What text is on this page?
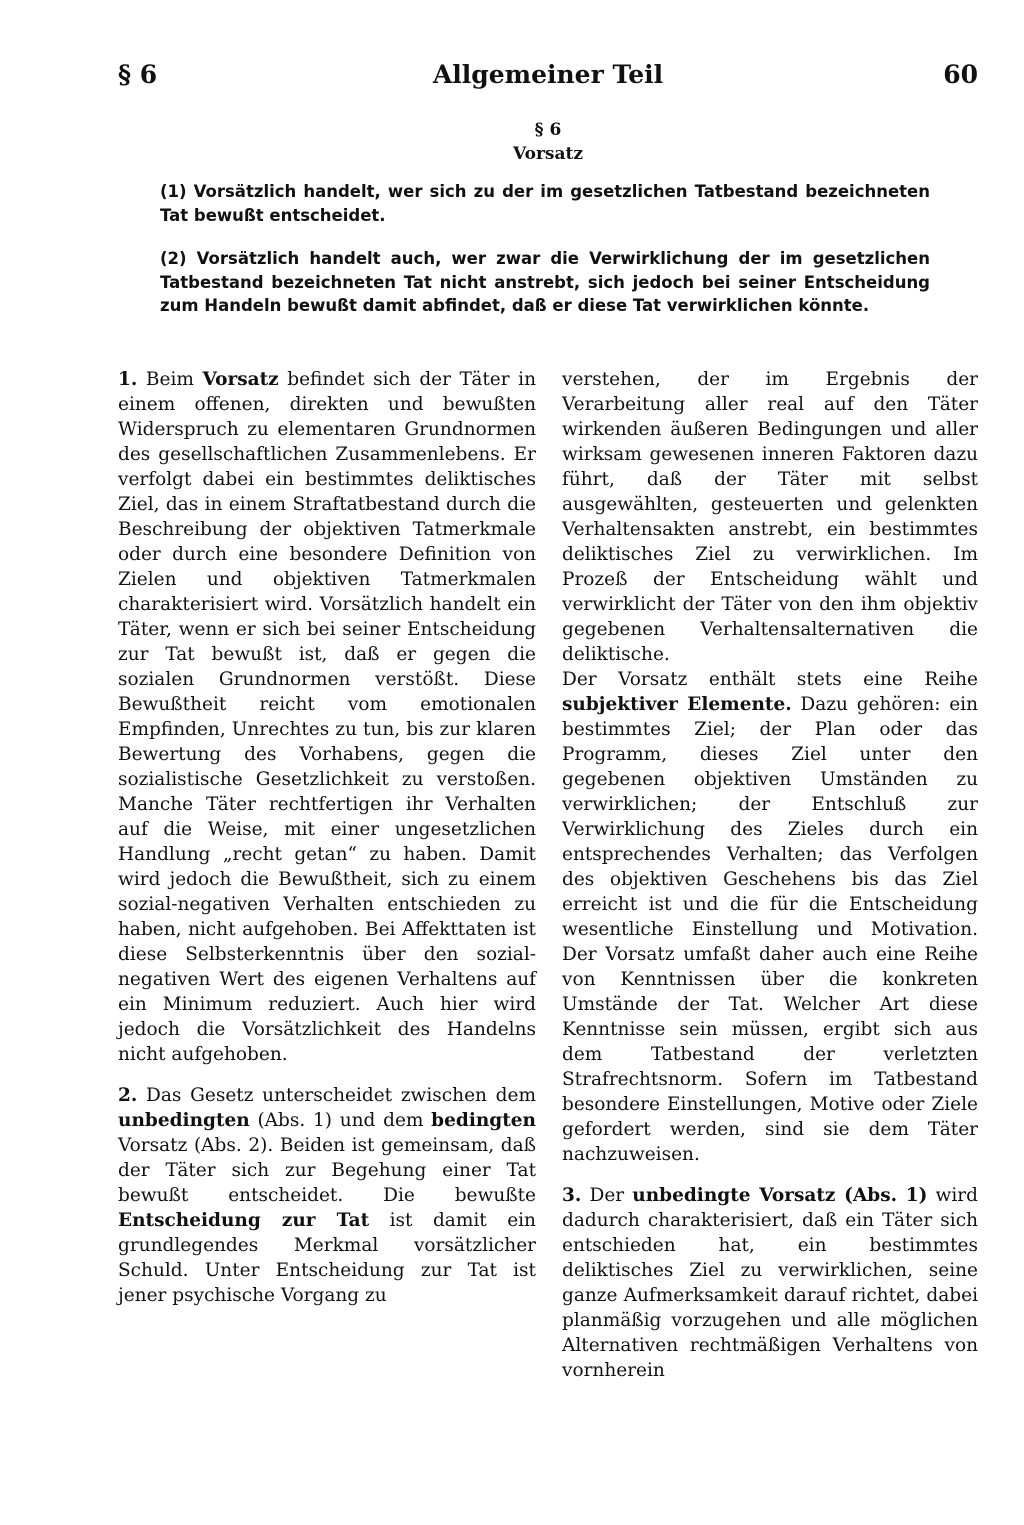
§ 6	Allgemeiner Teil	60
§ 6
Vorsatz

(1) Vorsätzlich handelt, wer sich zu der im gesetzlichen Tatbestand bezeichneten Tat bewußt entscheidet.

(2) Vorsätzlich handelt auch, wer zwar die Verwirklichung der im gesetzlichen Tatbestand bezeichneten Tat nicht anstrebt, sich jedoch bei seiner Entscheidung zum Handeln bewußt damit abfindet, daß er diese Tat verwirklichen könnte.

1. Beim Vorsatz befindet sich der Täter in einem offenen, direkten und bewußten Widerspruch zu elementaren Grundnormen des gesellschaftlichen Zusammenlebens. Er verfolgt dabei ein bestimmtes deliktisches Ziel, das in einem Straftatbestand durch die Beschreibung der objektiven Tatmerkmale oder durch eine besondere Definition von Zielen und objektiven Tatmerkmalen charakterisiert wird. Vorsätzlich handelt ein Täter, wenn er sich bei seiner Entscheidung zur Tat bewußt ist, daß er gegen die sozialen Grundnormen verstößt. Diese Bewußtheit reicht vom emotionalen Empfinden, Unrechtes zu tun, bis zur klaren Bewertung des Vorhabens, gegen die sozialistische Gesetzlichkeit zu verstoßen. Manche Täter rechtfertigen ihr Verhalten auf die Weise, mit einer ungesetzlichen Handlung „recht getan“ zu haben. Damit wird jedoch die Bewußtheit, sich zu einem sozial-negativen Verhalten entschieden zu haben, nicht aufgehoben. Bei Affekttaten ist diese Selbsterkenntnis über den sozial-negativen Wert des eigenen Verhaltens auf ein Minimum reduziert. Auch hier wird jedoch die Vorsätzlichkeit des Handelns nicht aufgehoben.

2. Das Gesetz unterscheidet zwischen dem unbedingten (Abs. 1) und dem bedingten Vorsatz (Abs. 2). Beiden ist gemeinsam, daß der Täter sich zur Begehung einer Tat bewußt entscheidet. Die bewußte Entscheidung zur Tat ist damit ein grundlegendes Merkmal vorsätzlicher Schuld. Unter Entscheidung zur Tat ist jener psychische Vorgang zu

verstehen, der im Ergebnis der Verarbeitung aller real auf den Täter wirkenden äußeren Bedingungen und aller wirksam gewesenen inneren Faktoren dazu führt, daß der Täter mit selbst ausgewählten, gesteuerten und gelenkten Verhaltensakten anstrebt, ein bestimmtes deliktisches Ziel zu verwirklichen. Im Prozeß der Entscheidung wählt und verwirklicht der Täter von den ihm objektiv gegebenen Verhaltensalternativen die deliktische.

Der Vorsatz enthält stets eine Reihe subjektiver Elemente. Dazu gehören: ein bestimmtes Ziel; der Plan oder das Programm, dieses Ziel unter den gegebenen objektiven Umständen zu verwirklichen; der Entschluß zur Verwirklichung des Zieles durch ein entsprechendes Verhalten; das Verfolgen des objektiven Geschehens bis das Ziel erreicht ist und die für die Entscheidung wesentliche Einstellung und Motivation. Der Vorsatz umfaßt daher auch eine Reihe von Kenntnissen über die konkreten Umstände der Tat. Welcher Art diese Kenntnisse sein müssen, ergibt sich aus dem Tatbestand der verletzten Strafrechtsnorm. Sofern im Tatbestand besondere Einstellungen, Motive oder Ziele gefordert werden, sind sie dem Täter nachzuweisen.

3. Der unbedingte Vorsatz (Abs. 1) wird dadurch charakterisiert, daß ein Täter sich entschieden hat, ein bestimmtes deliktisches Ziel zu verwirklichen, seine ganze Aufmerksamkeit darauf richtet, dabei planmäßig vorzugehen und alle möglichen Alternativen rechtmäßigen Verhaltens von vornherein
